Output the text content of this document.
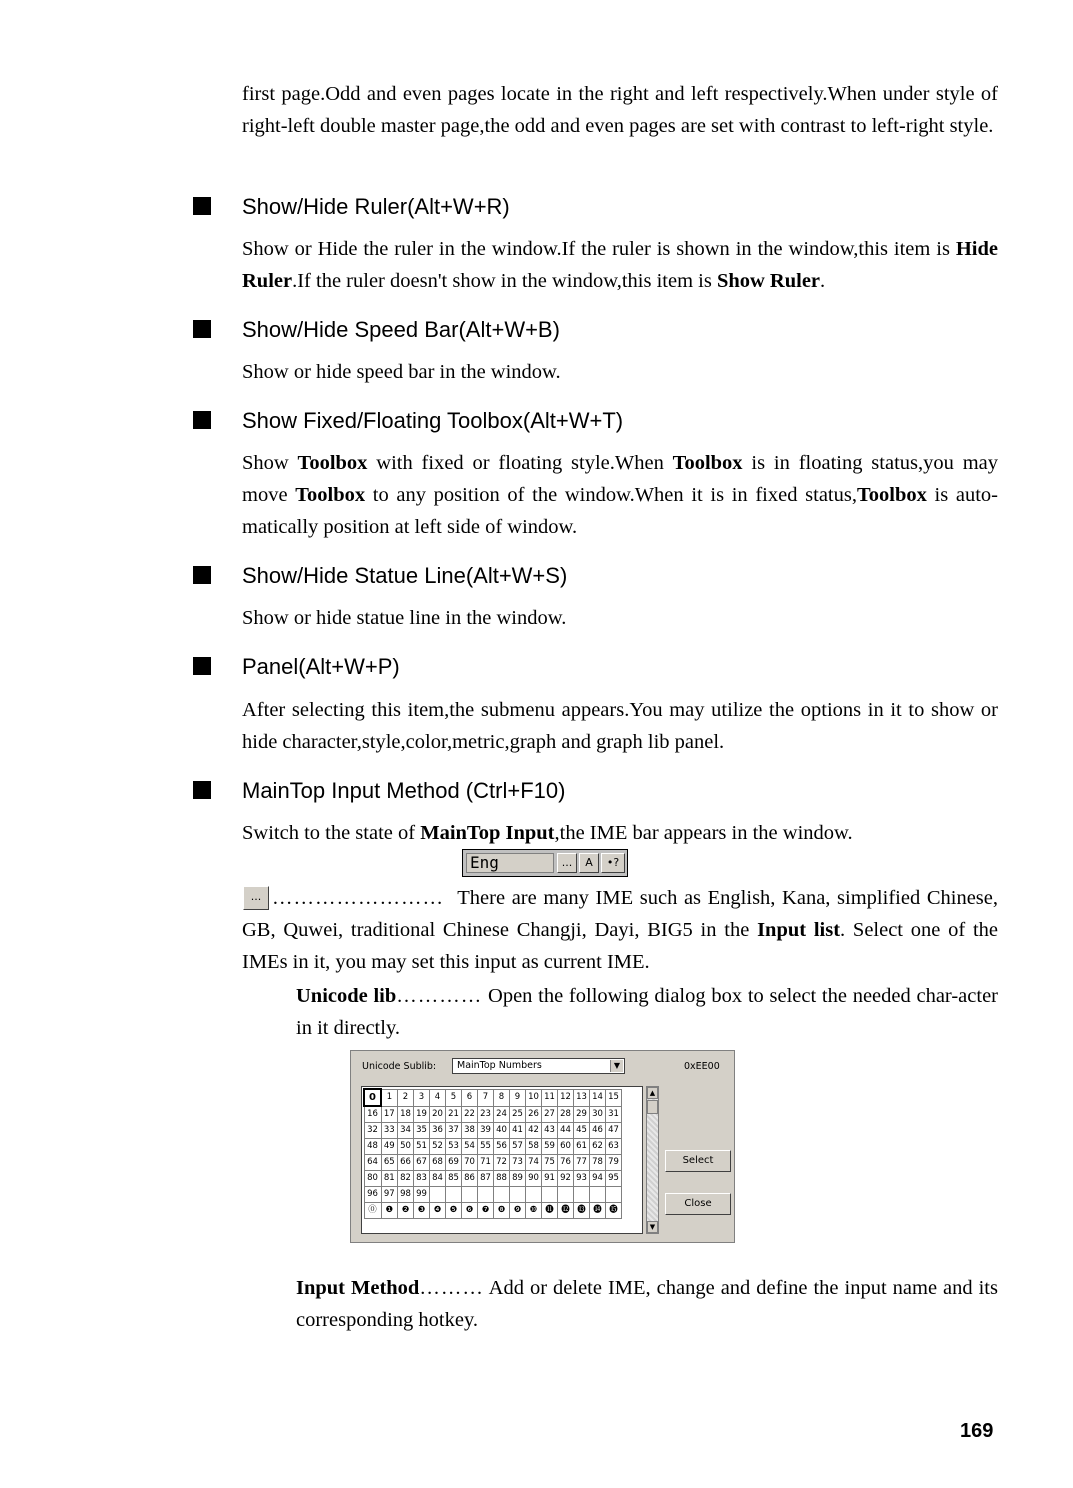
first page.Odd and even pages locate in the right and left respectively.When under style of right-left double master page,the odd and even pages are set with contrast to left-right style.
Show/Hide Ruler(Alt+W+R)
Show or Hide the ruler in the window.If the ruler is shown in the window,this item is Hide Ruler.If the ruler doesn't show in the window,this item is Show Ruler.
Show/Hide Speed Bar(Alt+W+B)
Show or hide speed bar in the window.
Show Fixed/Floating Toolbox(Alt+W+T)
Show Toolbox with fixed or floating style.When Toolbox is in floating status,you may move Toolbox to any position of the window.When it is in fixed status,Toolbox is auto-matically position at left side of window.
Show/Hide Statue Line(Alt+W+S)
Show or hide statue line in the window.
Panel(Alt+W+P)
After selecting this item,the submenu appears.You may utilize the options in it to show or hide character,style,color,metric,graph and graph lib panel.
MainTop Input Method (Ctrl+F10)
Switch to the state of MainTop Input,the IME bar appears in the window.
Eng	...	A	•?
... …………………… There are many IME such as English, Kana, simplified Chinese, GB, Quwei, traditional Chinese Changji, Dayi, BIG5 in the Input list. Select one of the IMEs in it, you may set this input as current IME.
Unicode lib………… Open the following dialog box to select the needed char-acter in it directly.
Unicode Sublib:	MainTop Numbers	▼	0xEE00
0	1	2	3	4	5	6	7	8	9	10	11	12	13	14	15
16	17	18	19	20	21	22	23	24	25	26	27	28	29	30	31
32	33	34	35	36	37	38	39	40	41	42	43	44	45	46	47
48	49	50	51	52	53	54	55	56	57	58	59	60	61	62	63
64	65	66	67	68	69	70	71	72	73	74	75	76	77	78	79
80	81	82	83	84	85	86	87	88	89	90	91	92	93	94	95
96	97	98	99												
⓪	❶	❷	❸	❹	❺	❻	❼	❽	❾	❿	⓫	⓬	⓭	⓮	⓯
▲
▼
Select
Close
Input Method……… Add or delete IME, change and define the input name and its corresponding hotkey.
169
